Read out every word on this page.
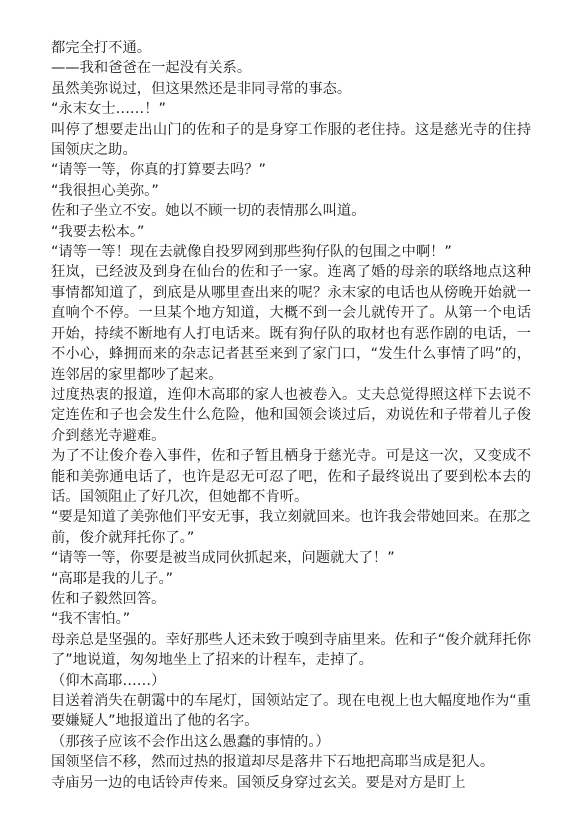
都完全打不通。

——我和爸爸在一起没有关系。

虽然美弥说过，但这果然还是非同寻常的事态。

“永末女士……！”

叫停了想要走出山门的佐和子的是身穿工作服的老住持。这是慈光寺的住持国领庆之助。

“请等一等，你真的打算要去吗？”

“我很担心美弥。”

佐和子坐立不安。她以不顾一切的表情那么叫道。

“我要去松本。”

“请等一等！现在去就像自投罗网到那些狗仔队的包围之中啊！”

狂岚，已经波及到身在仙台的佐和子一家。连离了婚的母亲的联络地点这种事情都知道了，到底是从哪里查出来的呢？永末家的电话也从傍晚开始就一直响个不停。一旦某个地方知道，大概不到一会儿就传开了。从第一个电话开始，持续不断地有人打电话来。既有狗仔队的取材也有恶作剧的电话，一不小心，蜂拥而来的杂志记者甚至来到了家门口，“发生什么事情了吗”的，连邻居的家里都吵了起来。

过度热衷的报道，连仰木高耶的家人也被卷入。丈夫总觉得照这样下去说不定连佐和子也会发生什么危险，他和国领会谈过后，劝说佐和子带着儿子俊介到慈光寺避难。

为了不让俊介卷入事件，佐和子暂且栖身于慈光寺。可是这一次，又变成不能和美弥通电话了，也许是忍无可忍了吧，佐和子最终说出了要到松本去的话。国领阻止了好几次，但她都不肯听。

“要是知道了美弥他们平安无事，我立刻就回来。也许我会带她回来。在那之前，俊介就拜托你了。”

“请等一等，你要是被当成同伙抓起来，问题就大了！”

“高耶是我的儿子。”

佐和子毅然回答。

“我不害怕。”

母亲总是坚强的。幸好那些人还未致于嗅到寺庙里来。佐和子“俊介就拜托你了”地说道，匆匆地坐上了招来的计程车，走掉了。

（仰木高耶……）

目送着消失在朝霭中的车尾灯，国领站定了。现在电视上也大幅度地作为“重要嫌疑人”地报道出了他的名字。

（那孩子应该不会作出这么愚蠢的事情的。）

国领坚信不移，然而过热的报道却尽是落井下石地把高耶当成是犯人。

寺庙另一边的电话铃声传来。国领反身穿过玄关。要是对方是盯上
